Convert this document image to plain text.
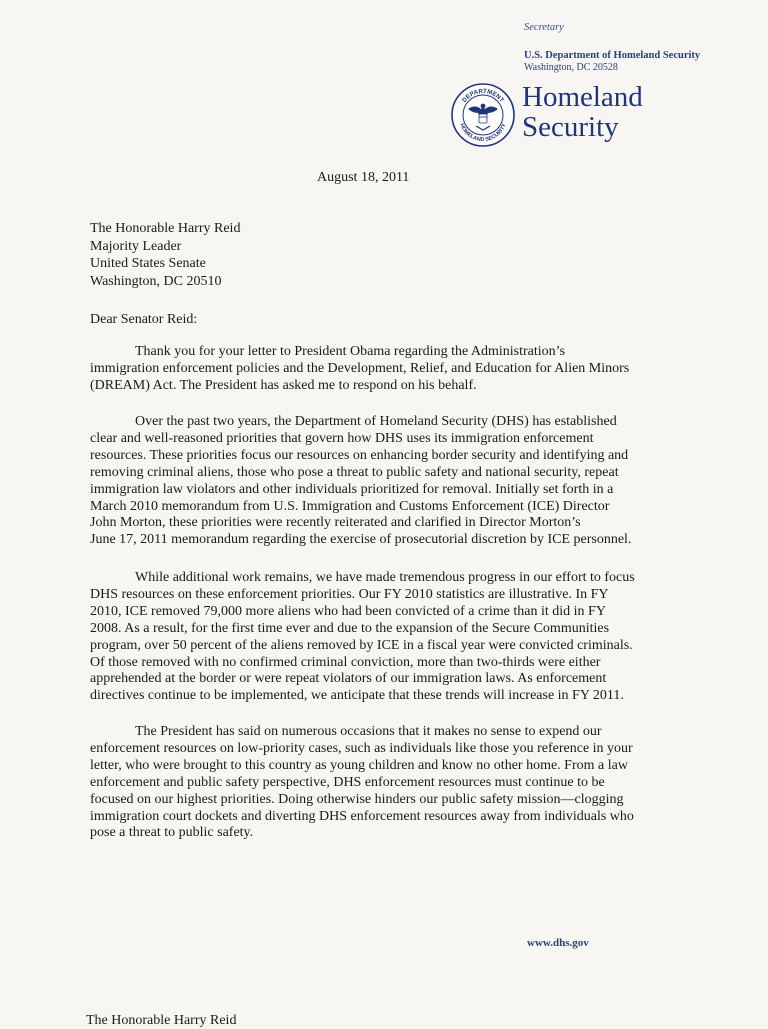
Secretary
U.S. Department of Homeland Security
Washington, DC 20528
DEPARTMENT
HOMELAND SECURITY
Homeland
Security
August 18, 2011
The Honorable Harry Reid
Majority Leader
United States Senate
Washington, DC 20510
Dear Senator Reid:
Thank you for your letter to President Obama regarding the Administration’s
immigration enforcement policies and the Development, Relief, and Education for Alien Minors
(DREAM) Act. The President has asked me to respond on his behalf.
Over the past two years, the Department of Homeland Security (DHS) has established
clear and well-reasoned priorities that govern how DHS uses its immigration enforcement
resources. These priorities focus our resources on enhancing border security and identifying and
removing criminal aliens, those who pose a threat to public safety and national security, repeat
immigration law violators and other individuals prioritized for removal. Initially set forth in a
March 2010 memorandum from U.S. Immigration and Customs Enforcement (ICE) Director
John Morton, these priorities were recently reiterated and clarified in Director Morton’s
June 17, 2011 memorandum regarding the exercise of prosecutorial discretion by ICE personnel.
While additional work remains, we have made tremendous progress in our effort to focus
DHS resources on these enforcement priorities. Our FY 2010 statistics are illustrative. In FY
2010, ICE removed 79,000 more aliens who had been convicted of a crime than it did in FY
2008. As a result, for the first time ever and due to the expansion of the Secure Communities
program, over 50 percent of the aliens removed by ICE in a fiscal year were convicted criminals.
Of those removed with no confirmed criminal conviction, more than two-thirds were either
apprehended at the border or were repeat violators of our immigration laws. As enforcement
directives continue to be implemented, we anticipate that these trends will increase in FY 2011.
The President has said on numerous occasions that it makes no sense to expend our
enforcement resources on low-priority cases, such as individuals like those you reference in your
letter, who were brought to this country as young children and know no other home. From a law
enforcement and public safety perspective, DHS enforcement resources must continue to be
focused on our highest priorities. Doing otherwise hinders our public safety mission—clogging
immigration court dockets and diverting DHS enforcement resources away from individuals who
pose a threat to public safety.
www.dhs.gov
The Honorable Harry Reid
